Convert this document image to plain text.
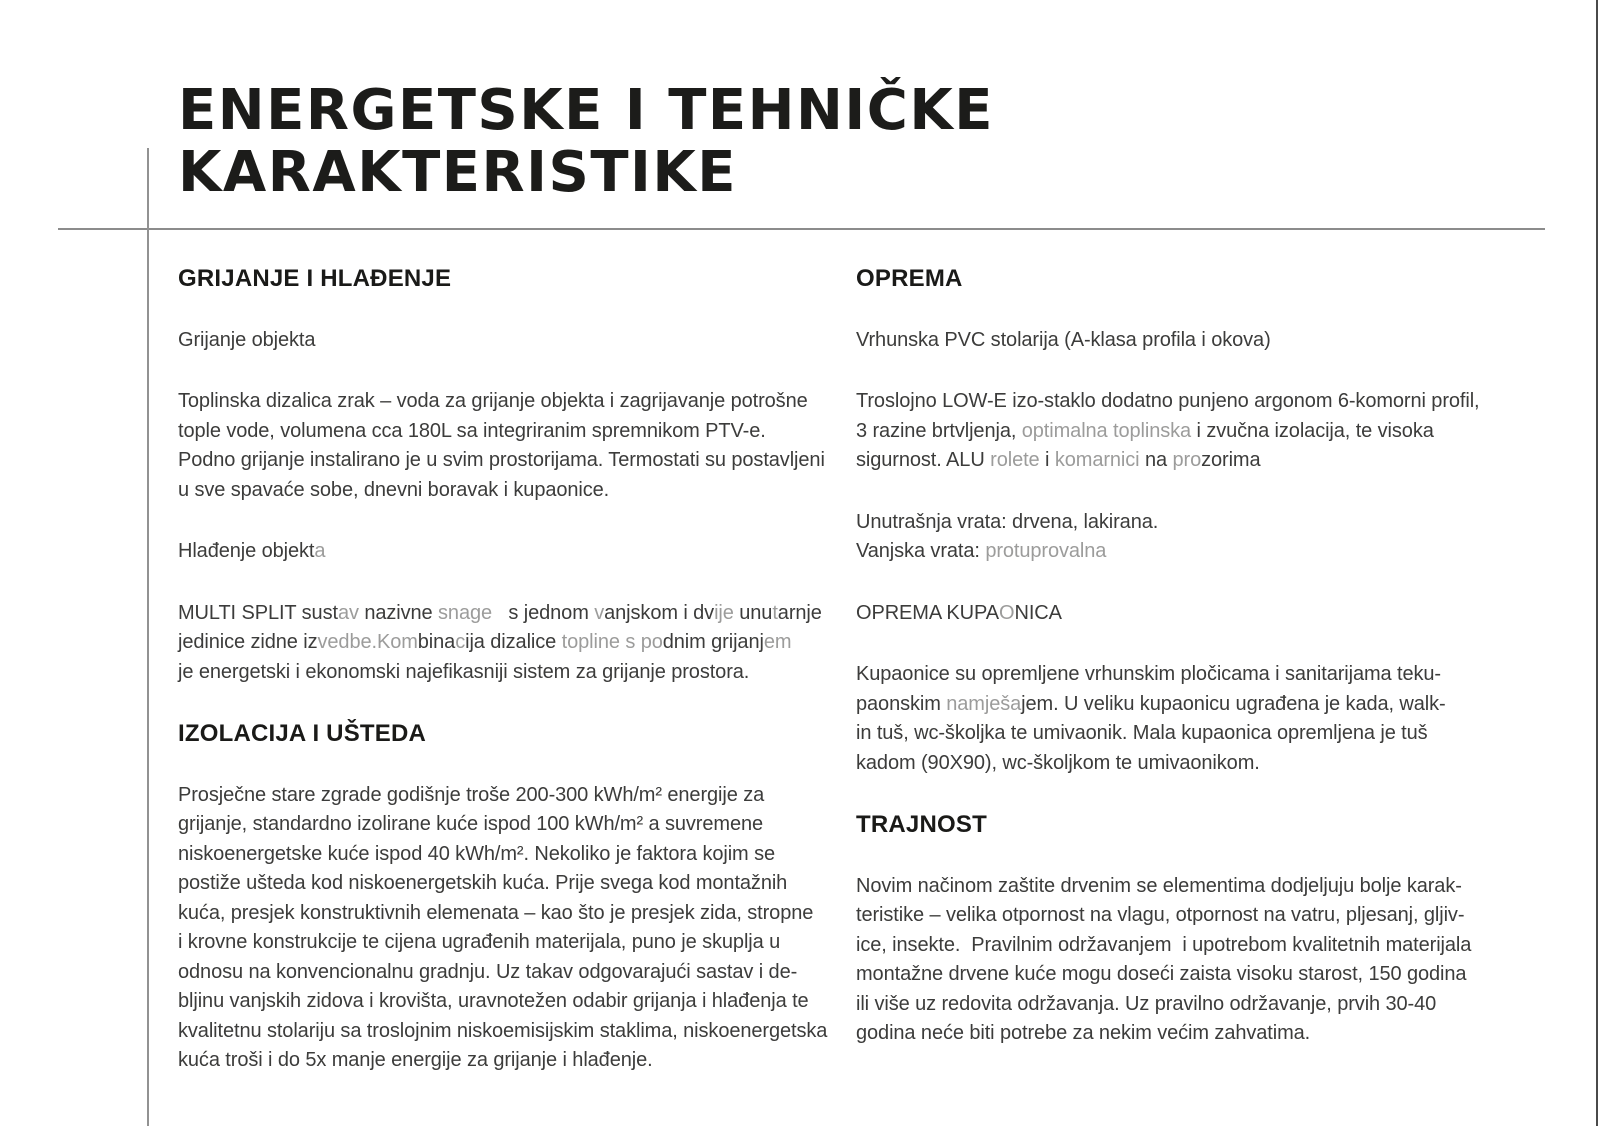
ENERGETSKE I TEHNIČKE
KARAKTERISTIKE
GRIJANJE I HLAĐENJE
Grijanje objekta
Toplinska dizalica zrak – voda za grijanje objekta i zagrijavanje potrošne
tople vode, volumena cca 180L sa integriranim spremnikom PTV-e.
Podno grijanje instalirano je u svim prostorijama. Termostati su postavljeni
u sve spavaće sobe, dnevni boravak i kupaonice.
Hlađenje objekta
MULTI SPLIT sustav nazivne snage   s jednom vanjskom i dvije unutarnje
jedinice zidne izvedbe.Kombinacija dizalice topline s podnim grijanjem
je energetski i ekonomski najefikasniji sistem za grijanje prostora.
IZOLACIJA I UŠTEDA
Prosječne stare zgrade godišnje troše 200-300 kWh/m² energije za
grijanje, standardno izolirane kuće ispod 100 kWh/m² a suvremene
niskoenergetske kuće ispod 40 kWh/m². Nekoliko je faktora kojim se
postiže ušteda kod niskoenergetskih kuća. Prije svega kod montažnih
kuća, presjek konstruktivnih elemenata – kao što je presjek zida, stropne
i krovne konstrukcije te cijena ugrađenih materijala, puno je skuplja u
odnosu na konvencionalnu gradnju. Uz takav odgovarajući sastav i de-
bljinu vanjskih zidova i krovišta, uravnotežen odabir grijanja i hlađenja te
kvalitetnu stolariju sa troslojnim niskoemisijskim staklima, niskoenergetska
kuća troši i do 5x manje energije za grijanje i hlađenje.
OPREMA
Vrhunska PVC stolarija (A-klasa profila i okova)
Troslojno LOW-E izo-staklo dodatno punjeno argonom 6-komorni profil,
3 razine brtvljenja, optimalna toplinska i zvučna izolacija, te visoka
sigurnost. ALU rolete i komarnici na prozorima
Unutrašnja vrata: drvena, lakirana.
Vanjska vrata: protuprovalna
OPREMA KUPAONICA
Kupaonice su opremljene vrhunskim pločicama i sanitarijama teku-
paonskim namješajem. U veliku kupaonicu ugrađena je kada, walk-
in tuš, wc-školjka te umivaonik. Mala kupaonica opremljena je tuš
kadom (90X90), wc-školjkom te umivaonikom.
TRAJNOST
Novim načinom zaštite drvenim se elementima dodjeljuju bolje karak-
teristike – velika otpornost na vlagu, otpornost na vatru, pljesanj, gljiv-
ice, insekte.  Pravilnim održavanjem  i upotrebom kvalitetnih materijala
montažne drvene kuće mogu doseći zaista visoku starost, 150 godina
ili više uz redovita održavanja. Uz pravilno održavanje, prvih 30-40
godina neće biti potrebe za nekim većim zahvatima.
